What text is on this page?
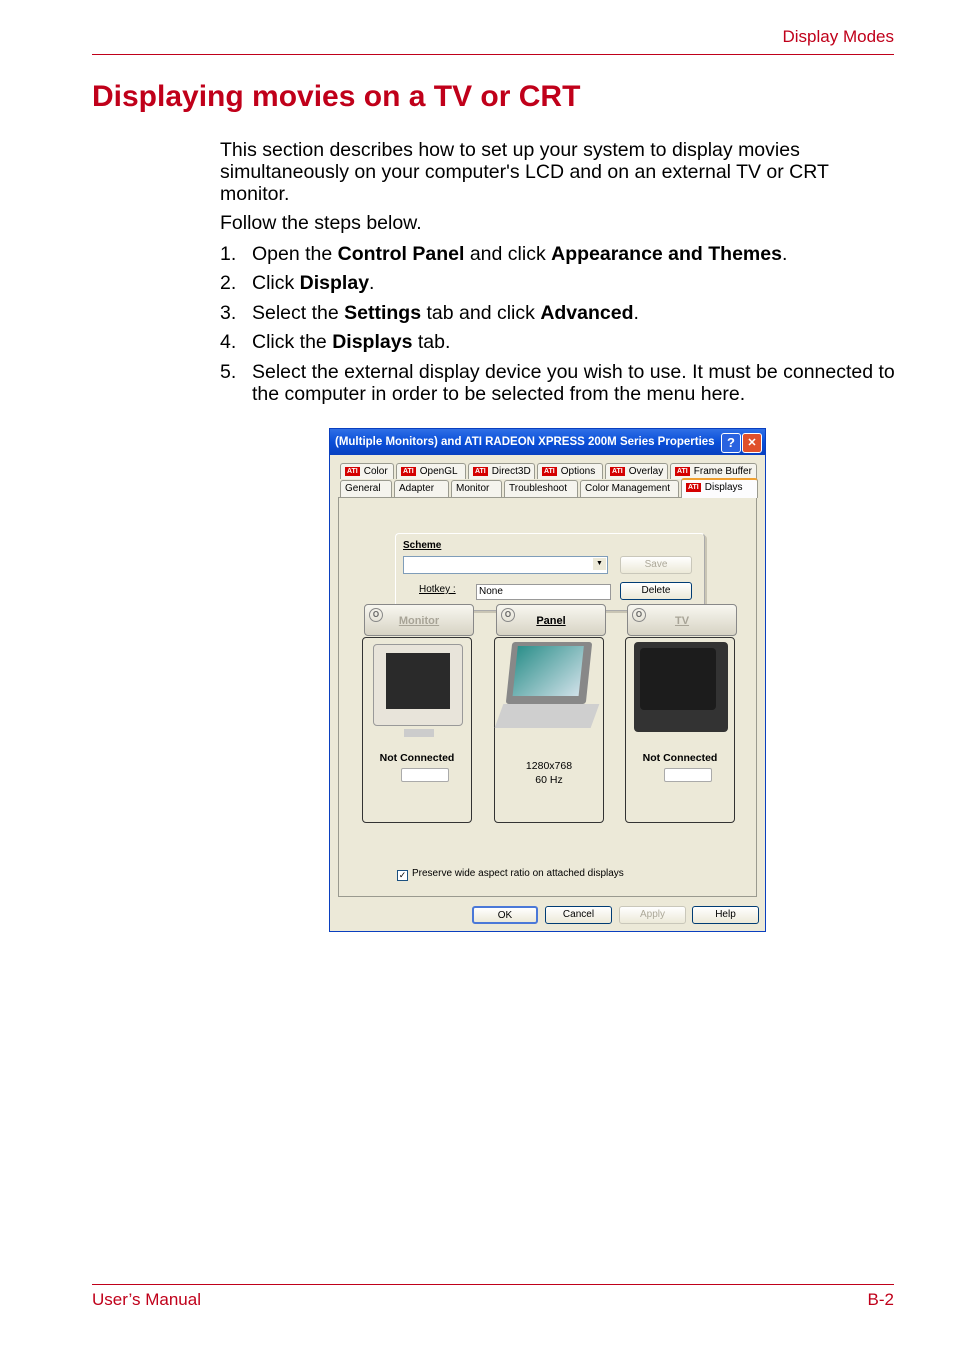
Display Modes
Displaying movies on a TV or CRT
This section describes how to set up your system to display movies simultaneously on your computer's LCD and on an external TV or CRT monitor.
Follow the steps below.
1. Open the Control Panel and click Appearance and Themes.
2. Click Display.
3. Select the Settings tab and click Advanced.
4. Click the Displays tab.
5. Select the external display device you wish to use. It must be connected to the computer in order to be selected from the menu here.
(Multiple Monitors) and ATI RADEON XPRESS 200M Series Properties ?	✕
ATI Color	ATI OpenGL	ATI Direct3D	ATI Options	ATI Overlay	ATI Frame Buffer
General	Adapter	Monitor	Troubleshoot	Color Management	ATI Displays
Scheme
▼	Save
Hotkey :	None	Delete
O
Monitor
Not Connected
O
Panel
1280x768
60 Hz
O
TV
Not Connected
✓ Preserve wide aspect ratio on attached displays
OK	Cancel	Apply	Help
User’s Manual	B-2
